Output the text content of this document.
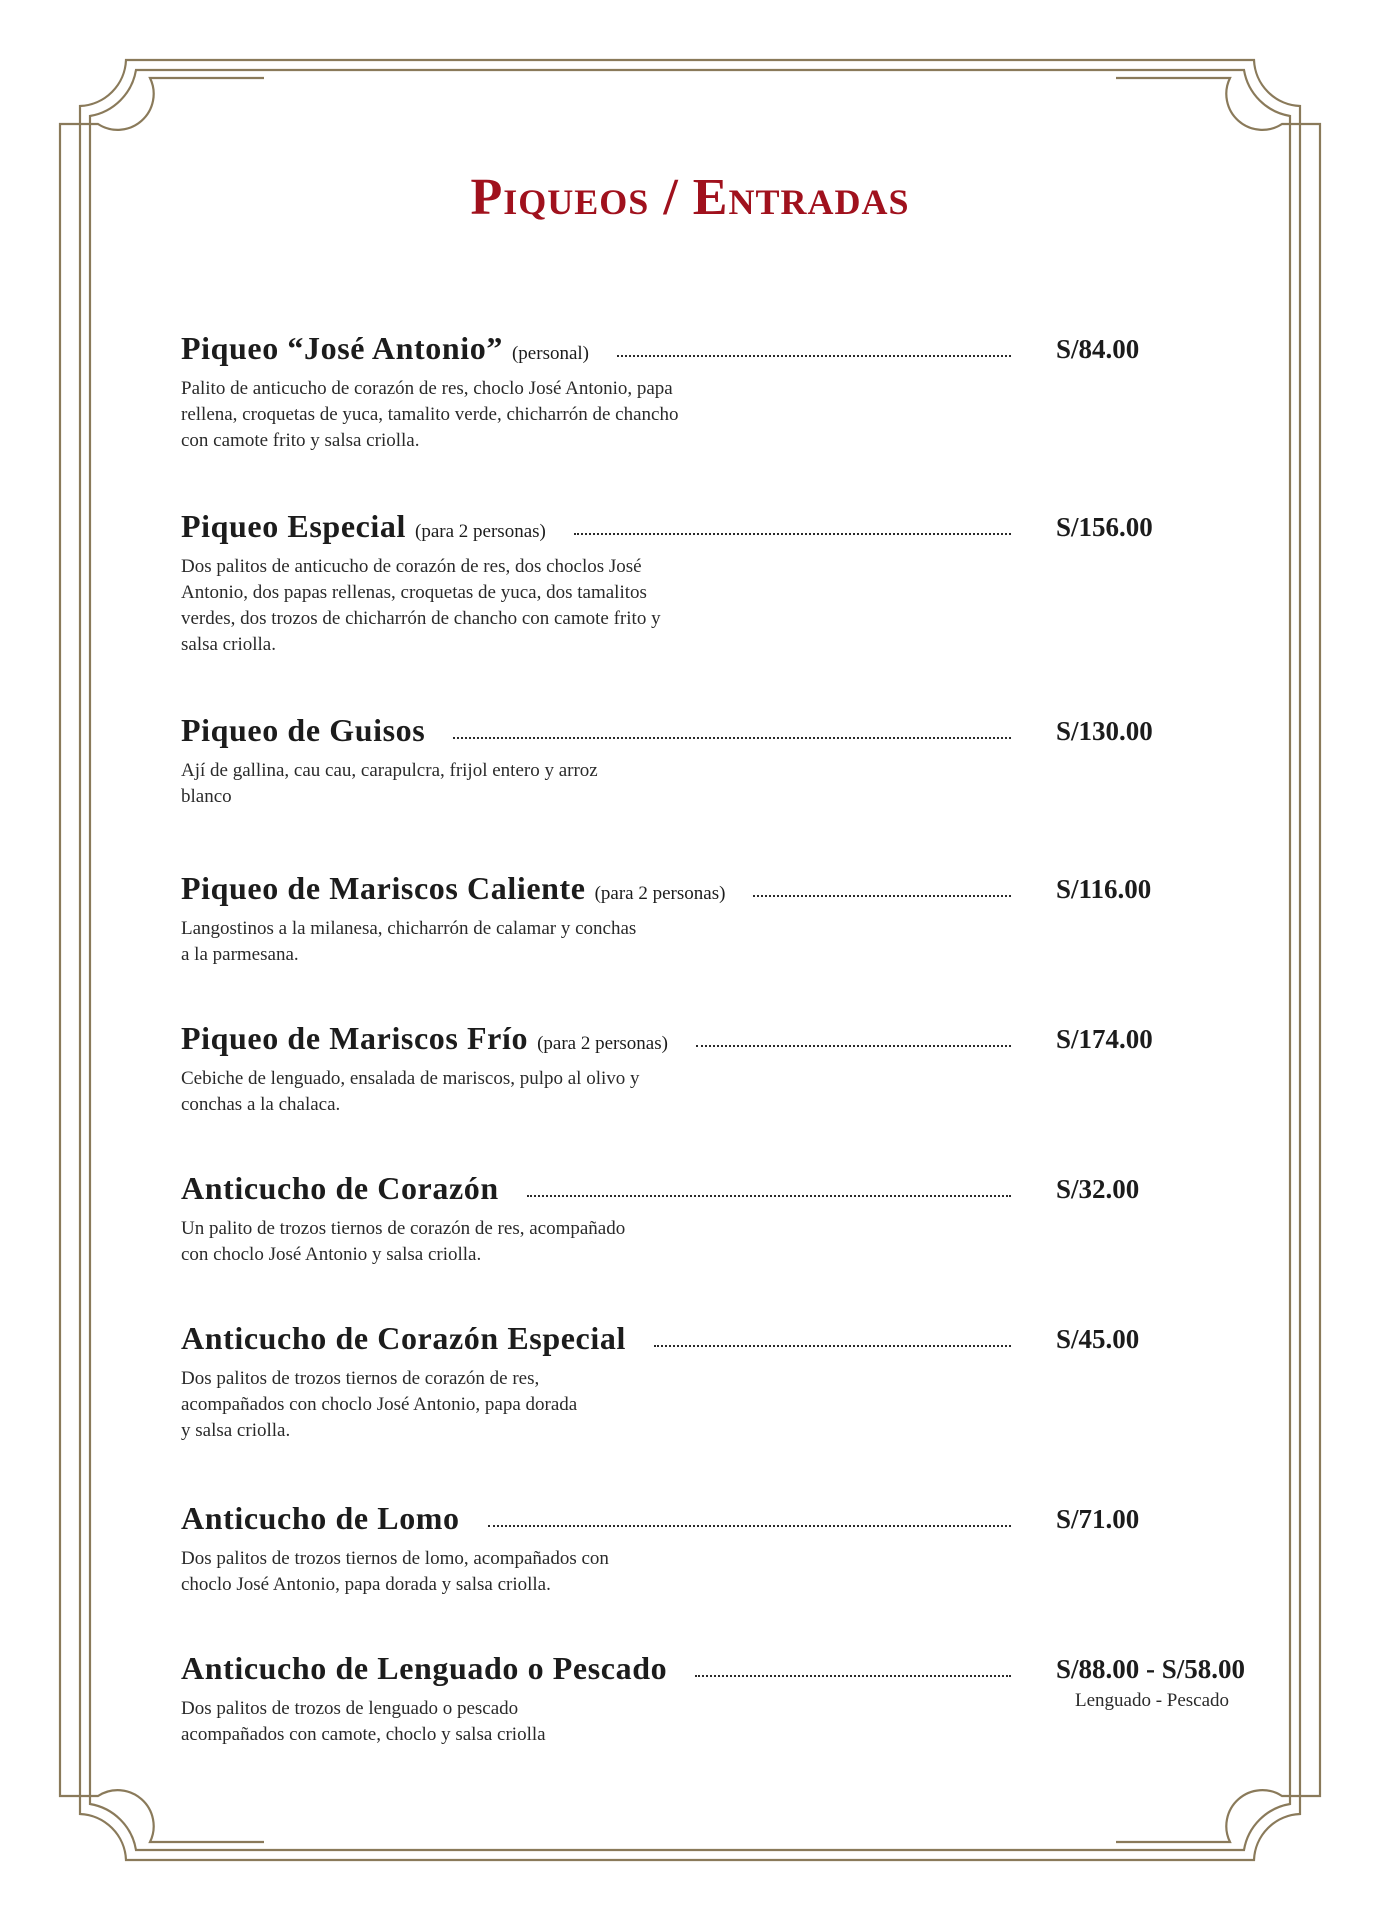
Piqueos / Entradas
Piqueo “José Antonio” (personal)
Palito de anticucho de corazón de res, choclo José Antonio, papa rellena, croquetas de yuca, tamalito verde, chicharrón de chancho con camote frito y salsa criolla.
S/84.00
Piqueo Especial (para 2 personas)
Dos palitos de anticucho de corazón de res, dos choclos José Antonio, dos papas rellenas, croquetas de yuca, dos tamalitos verdes, dos trozos de chicharrón de chancho con camote frito y salsa criolla.
S/156.00
Piqueo de Guisos
Ají de gallina, cau cau, carapulcra, frijol entero y arroz blanco
S/130.00
Piqueo de Mariscos Caliente (para 2 personas)
Langostinos a la milanesa, chicharrón de calamar y conchas a la parmesana.
S/116.00
Piqueo de Mariscos Frío (para 2 personas)
Cebiche de lenguado, ensalada de mariscos, pulpo al olivo y conchas a la chalaca.
S/174.00
Anticucho de Corazón
Un palito de trozos tiernos de corazón de res, acompañado con choclo José Antonio y salsa criolla.
S/32.00
Anticucho de Corazón Especial
Dos palitos de trozos tiernos de corazón de res, acompañados con choclo José Antonio, papa dorada y salsa criolla.
S/45.00
Anticucho de Lomo
Dos palitos de trozos tiernos de lomo, acompañados con choclo José Antonio, papa dorada y salsa criolla.
S/71.00
Anticucho de Lenguado o Pescado
Dos palitos de trozos de lenguado o pescado acompañados con camote, choclo y salsa criolla
S/88.00 - S/58.00
Lenguado - Pescado
